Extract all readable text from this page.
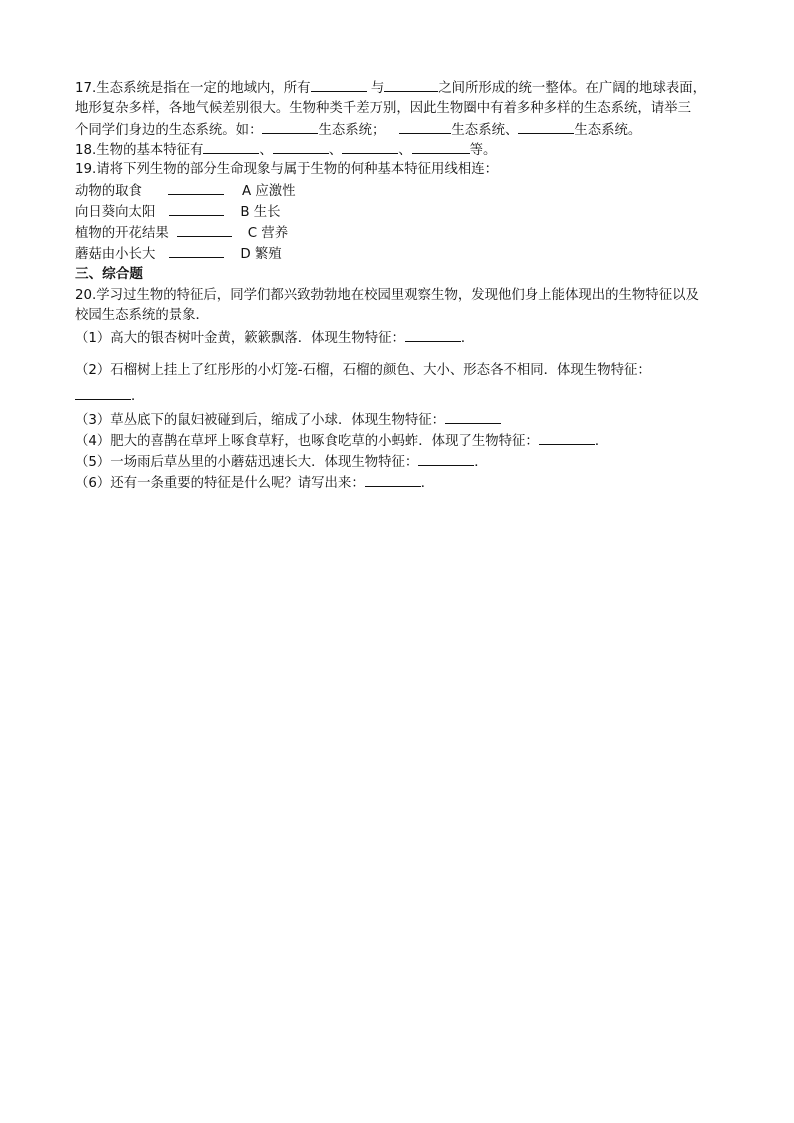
17.生态系统是指在一定的地域内，所有	与	之间所形成的统一整体。在广阔的地球表面，
地形复杂多样，各地气候差别很大。生物种类千差万别，因此生物圈中有着多种多样的生态系统，请举三
个同学们身边的生态系统。如：	生态系统；	生态系统、	生态系统。
18.生物的基本特征有	、	、	、	等。
19.请将下列生物的部分生命现象与属于生物的何种基本特征用线相连：
动物的取食	A 应激性
向日葵向太阳	B 生长
植物的开花结果	C 营养
蘑菇由小长大	D 繁殖
三、综合题
20.学习过生物的特征后，同学们都兴致勃勃地在校园里观察生物，发现他们身上能体现出的生物特征以及
校园生态系统的景象．
（1）高大的银杏树叶金黄，簌簌飘落．体现生物特征：	．
（2）石榴树上挂上了红彤彤的小灯笼-石榴，石榴的颜色、大小、形态各不相同．体现生物特征：
．
（3）草丛底下的鼠妇被碰到后，缩成了小球．体现生物特征：
（4）肥大的喜鹊在草坪上啄食草籽，也啄食吃草的小蚂蚱．体现了生物特征：	．
（5）一场雨后草丛里的小蘑菇迅速长大．体现生物特征：	．
（6）还有一条重要的特征是什么呢？请写出来：	．
